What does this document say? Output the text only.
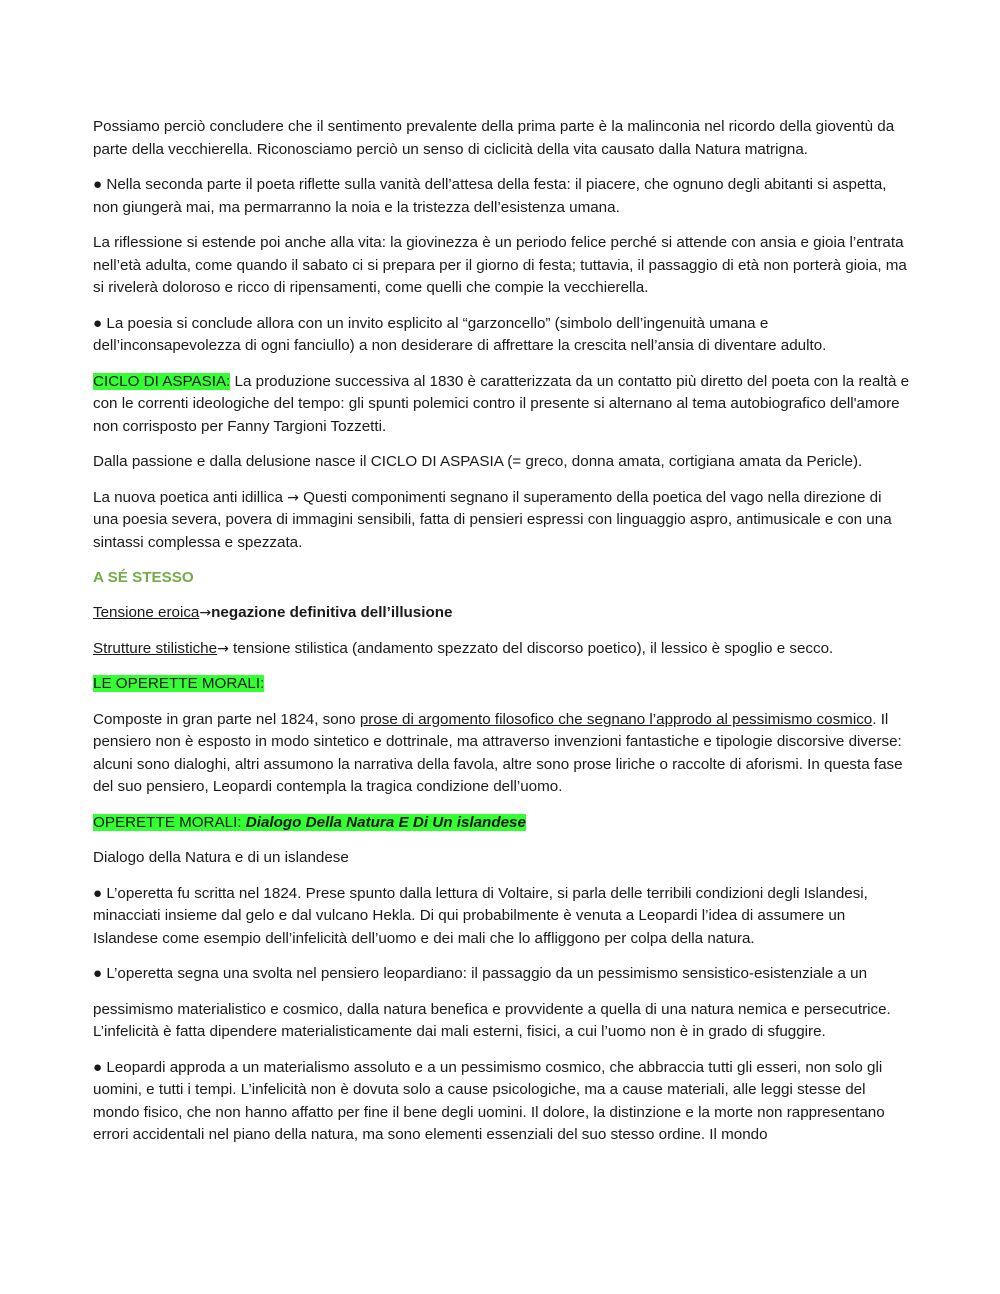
Possiamo perciò concludere che il sentimento prevalente della prima parte è la malinconia nel ricordo della gioventù da parte della vecchierella. Riconosciamo perciò un senso di ciclicità della vita causato dalla Natura matrigna.

● Nella seconda parte il poeta riflette sulla vanità dell’attesa della festa: il piacere, che ognuno degli abitanti si aspetta, non giungerà mai, ma permarranno la noia e la tristezza dell’esistenza umana.

La riflessione si estende poi anche alla vita: la giovinezza è un periodo felice perché si attende con ansia e gioia l’entrata nell’età adulta, come quando il sabato ci si prepara per il giorno di festa; tuttavia, il passaggio di età non porterà gioia, ma si rivelerà doloroso e ricco di ripensamenti, come quelli che compie la vecchierella.

● La poesia si conclude allora con un invito esplicito al “garzoncello” (simbolo dell’ingenuità umana e dell’inconsapevolezza di ogni fanciullo) a non desiderare di affrettare la crescita nell’ansia di diventare adulto.

CICLO DI ASPASIA: La produzione successiva al 1830 è caratterizzata da un contatto più diretto del poeta con la realtà e con le correnti ideologiche del tempo: gli spunti polemici contro il presente si alternano al tema autobiografico dell'amore non corrisposto per Fanny Targioni Tozzetti.

Dalla passione e dalla delusione nasce il CICLO DI ASPASIA (= greco, donna amata, cortigiana amata da Pericle).

La nuova poetica anti idillica → Questi componimenti segnano il superamento della poetica del vago nella direzione di una poesia severa, povera di immagini sensibili, fatta di pensieri espressi con linguaggio aspro, antimusicale e con una sintassi complessa e spezzata.

A SÉ STESSO

Tensione eroica→negazione definitiva dell’illusione

Strutture stilistiche→ tensione stilistica (andamento spezzato del discorso poetico), il lessico è spoglio e secco.

LE OPERETTE MORALI:

Composte in gran parte nel 1824, sono prose di argomento filosofico che segnano l’approdo al pessimismo cosmico. Il pensiero non è esposto in modo sintetico e dottrinale, ma attraverso invenzioni fantastiche e tipologie discorsive diverse: alcuni sono dialoghi, altri assumono la narrativa della favola, altre sono prose liriche o raccolte di aforismi. In questa fase del suo pensiero, Leopardi contempla la tragica condizione dell’uomo.

OPERETTE MORALI: Dialogo Della Natura E Di Un islandese

Dialogo della Natura e di un islandese

● L’operetta fu scritta nel 1824. Prese spunto dalla lettura di Voltaire, si parla delle terribili condizioni degli Islandesi, minacciati insieme dal gelo e dal vulcano Hekla. Di qui probabilmente è venuta a Leopardi l’idea di assumere un Islandese come esempio dell’infelicità dell’uomo e dei mali che lo affliggono per colpa della natura.

● L’operetta segna una svolta nel pensiero leopardiano: il passaggio da un pessimismo sensistico-esistenziale a un

pessimismo materialistico e cosmico, dalla natura benefica e provvidente a quella di una natura nemica e persecutrice. L’infelicità è fatta dipendere materialisticamente dai mali esterni, fisici, a cui l’uomo non è in grado di sfuggire.

● Leopardi approda a un materialismo assoluto e a un pessimismo cosmico, che abbraccia tutti gli esseri, non solo gli uomini, e tutti i tempi. L’infelicità non è dovuta solo a cause psicologiche, ma a cause materiali, alle leggi stesse del mondo fisico, che non hanno affatto per fine il bene degli uomini. Il dolore, la distinzione e la morte non rappresentano errori accidentali nel piano della natura, ma sono elementi essenziali del suo stesso ordine. Il mondo
